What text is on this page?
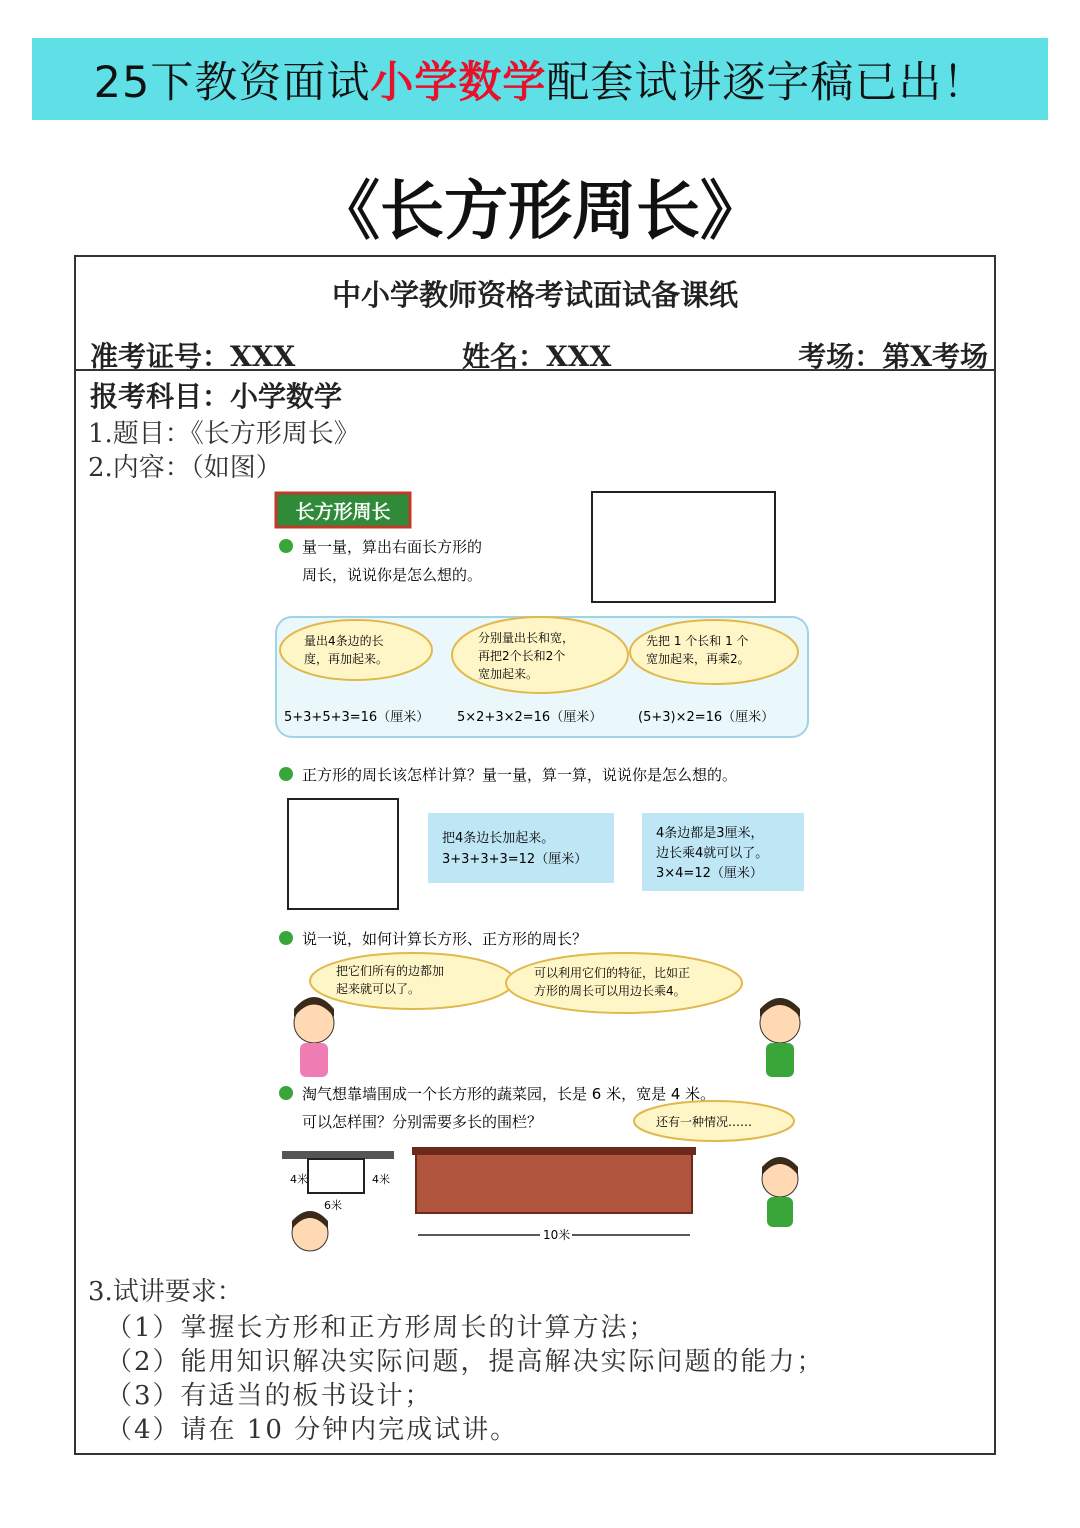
25下教资面试 小学数学 配套试讲逐字稿已出！
《长方形周长》
中小学教师资格考试面试备课纸
准考证号：XXX	姓名：XXX	考场：第X考场
报考科目：小学数学
1.题目：《长方形周长》
2.内容：（如图）
长方形周长
量一量，算出右面长方形的
周长，说说你是怎么想的。
量出4条边的长
度，再加起来。
分别量出长和宽，
再把2个长和2个
宽加起来。
先把 1 个长和 1 个
宽加起来，再乘2。
5+3+5+3=16（厘米） 5×2+3×2=16（厘米）	(5+3)×2=16（厘米）
正方形的周长该怎样计算？量一量，算一算，说说你是怎么想的。
把4条边长加起来。
3+3+3+3=12（厘米）
4条边都是3厘米，
边长乘4就可以了。
3×4=12（厘米）
说一说，如何计算长方形、正方形的周长？
把它们所有的边都加
起来就可以了。
可以利用它们的特征，比如正
方形的周长可以用边长乘4。
淘气想靠墙围成一个长方形的蔬菜园，长是 6 米，宽是 4 米。
可以怎样围？分别需要多长的围栏？	还有一种情况……
4米	4米
6米
10米
3.试讲要求：
（1）掌握长方形和正方形周长的计算方法；
（2）能用知识解决实际问题，提高解决实际问题的能力；
（3）有适当的板书设计；
（4）请在 10 分钟内完成试讲。
